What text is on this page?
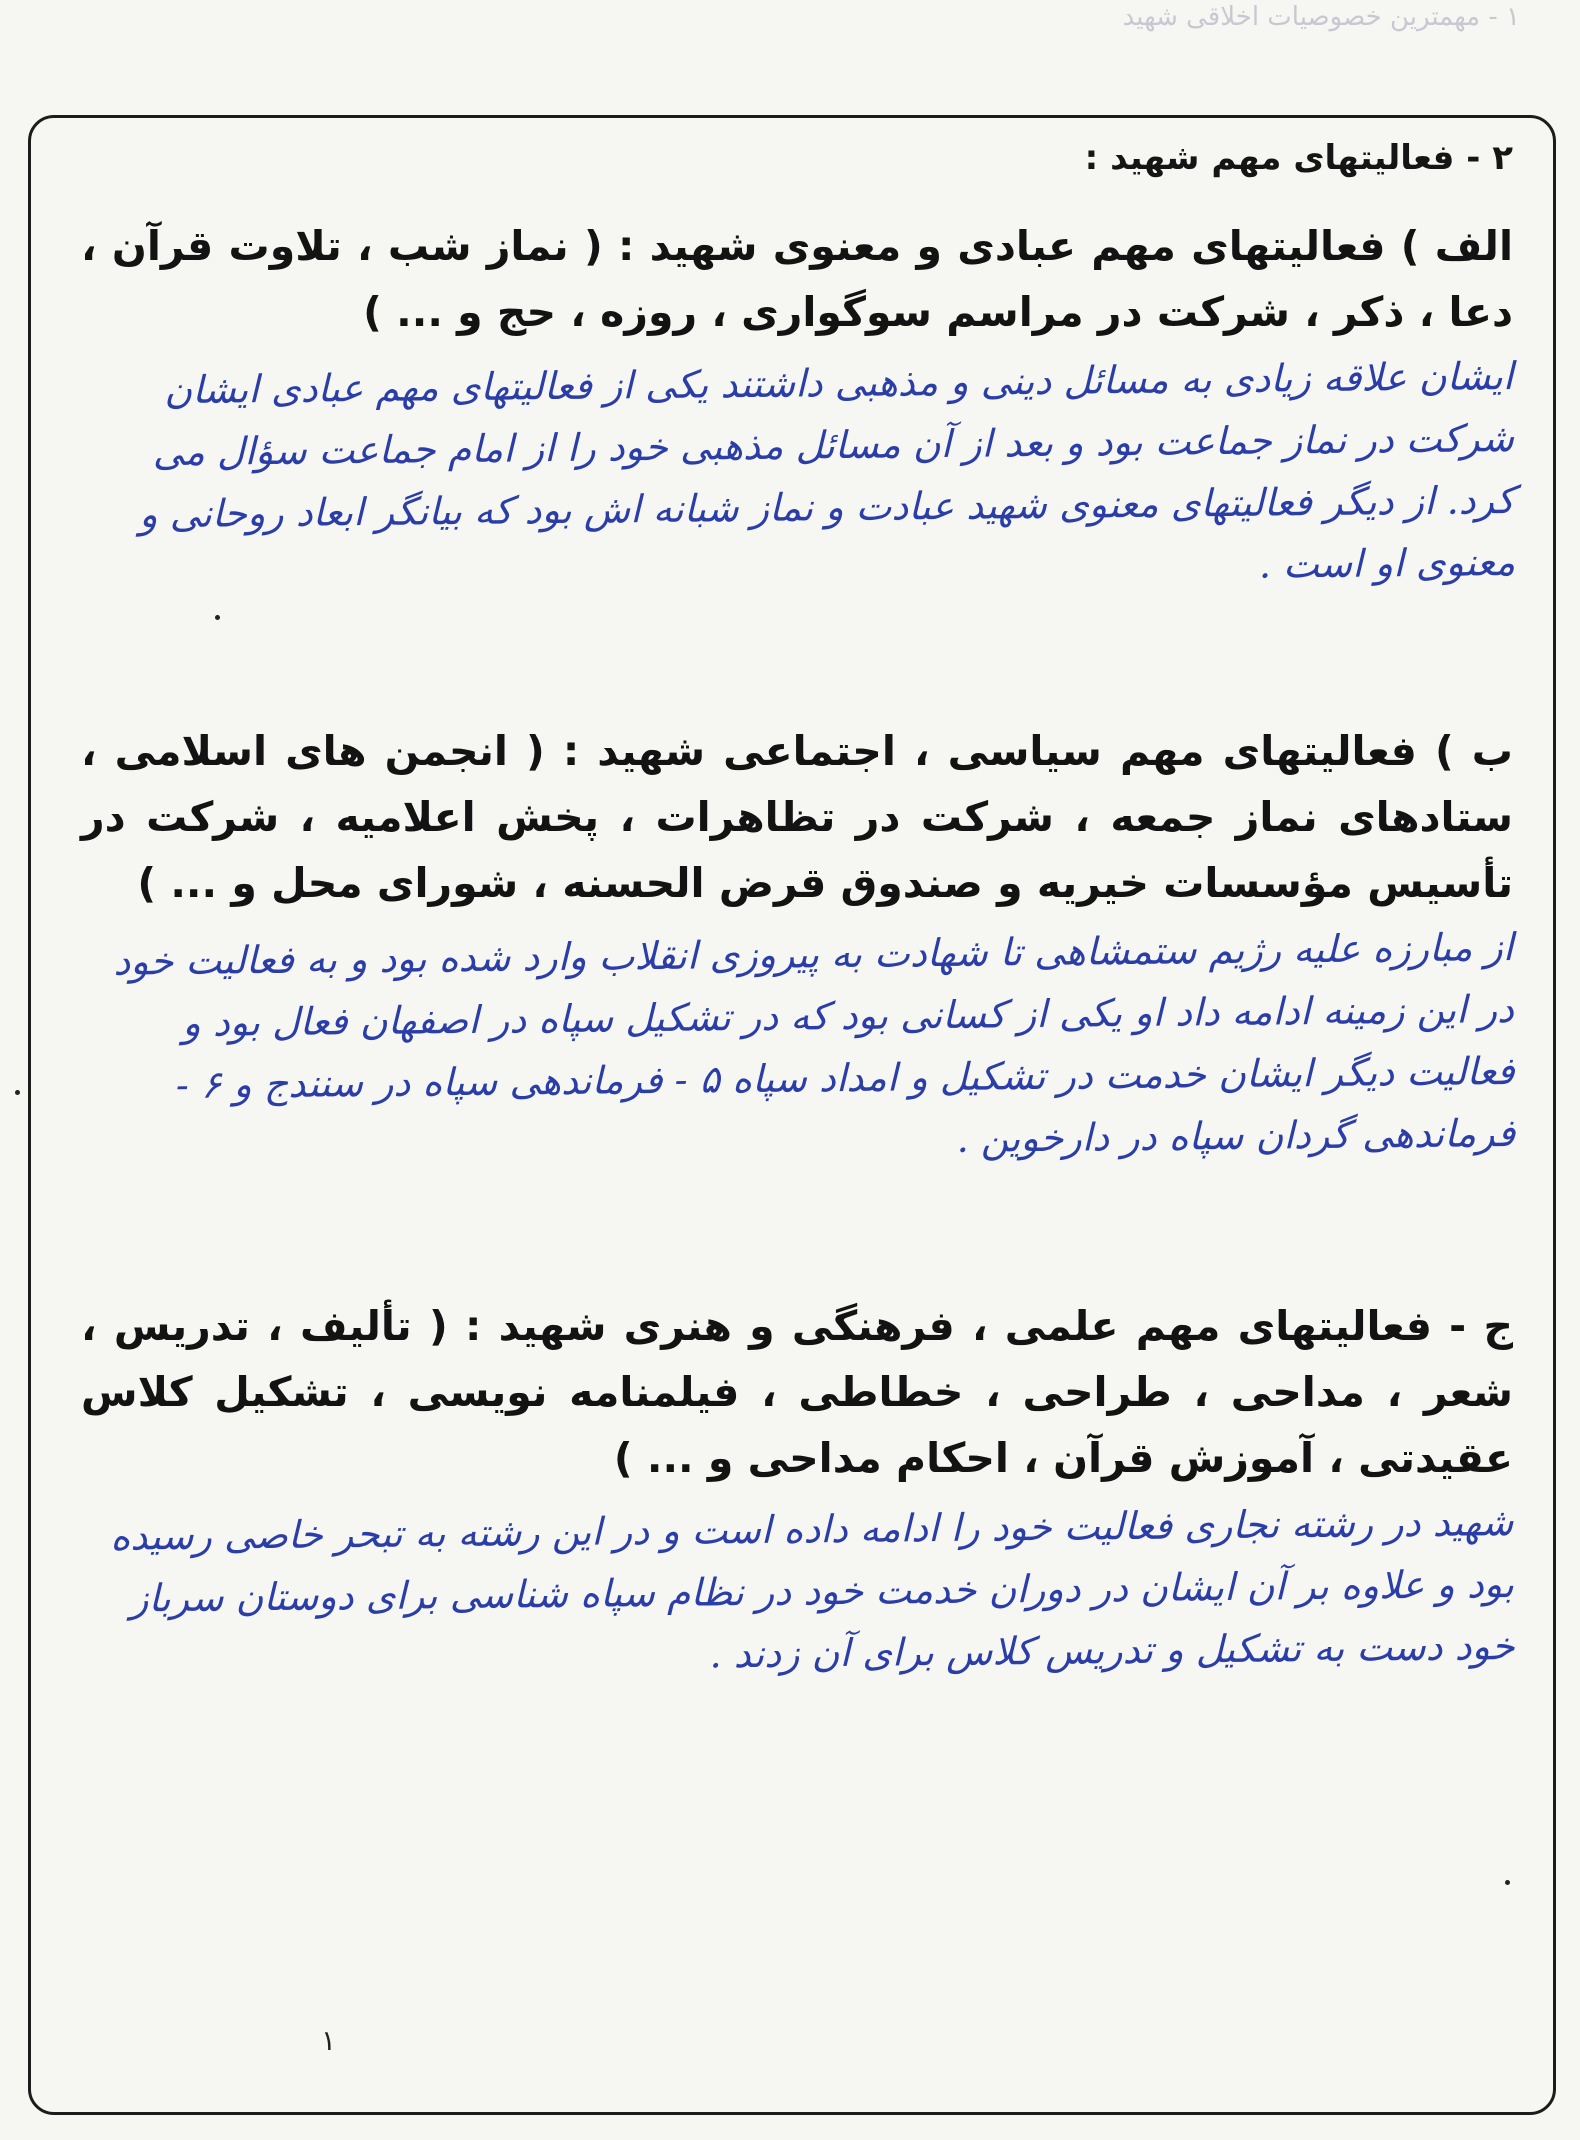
۱ - مهمترین خصوصیات اخلاقی شهید
۲ - فعالیتهای مهم شهید :
الف ) فعالیتهای مهم عبادی و معنوی شهید : ( نماز شب ، تلاوت قرآن ، دعا ، ذکر ، شرکت در مراسم سوگواری ، روزه ، حج و ... )
ایشان علاقه زیادی به مسائل دینی و مذهبی داشتند یکی از فعالیتهای مهم عبادی ایشان شرکت در نماز جماعت بود و بعد از آن مسائل مذهبی خود را از امام جماعت سؤال می کرد. از دیگر فعالیتهای معنوی شهید عبادت و نماز شبانه اش بود که بیانگر ابعاد روحانی و معنوی او است .
ب ) فعالیتهای مهم سیاسی ، اجتماعی شهید : ( انجمن های اسلامی ، ستادهای نماز جمعه ، شرکت در تظاهرات ، پخش اعلامیه ، شرکت در تأسیس مؤسسات خیریه و صندوق قرض الحسنه ، شورای محل و ... )
از مبارزه علیه رژیم ستمشاهی تا شهادت به پیروزی انقلاب وارد شده بود و به فعالیت خود در این زمینه ادامه داد او یکی از کسانی بود که در تشکیل سپاه در اصفهان فعال بود و فعالیت دیگر ایشان خدمت در تشکیل و امداد سپاه ۵ - فرماندهی سپاه در سنندج و ۶ - فرماندهی گردان سپاه در دارخوین .
ج - فعالیتهای مهم علمی ، فرهنگی و هنری شهید : ( تألیف ، تدریس ، شعر ، مداحی ، طراحی ، خطاطی ، فیلمنامه نویسی ، تشکیل کلاس عقیدتی ، آموزش قرآن ، احکام مداحی و ... )
شهید در رشته نجاری فعالیت خود را ادامه داده است و در این رشته به تبحر خاصی رسیده بود و علاوه بر آن ایشان در دوران خدمت خود در نظام سپاه شناسی برای دوستان سرباز خود دست به تشکیل و تدریس کلاس برای آن زدند .
۱
